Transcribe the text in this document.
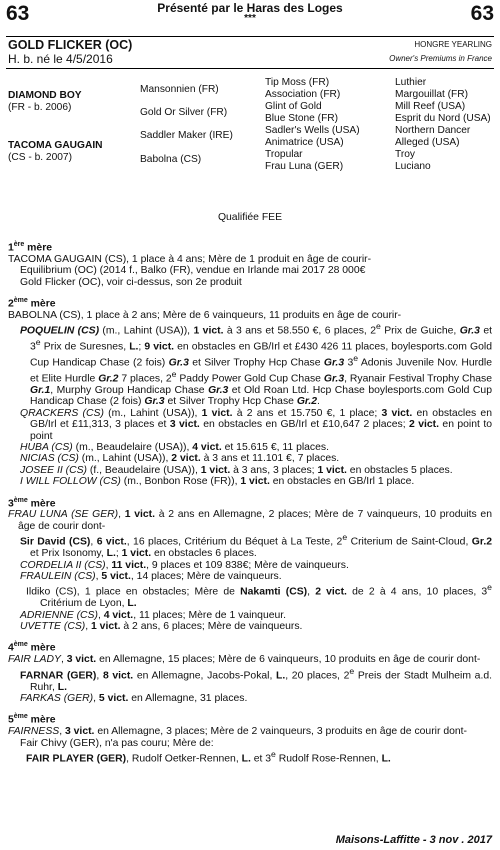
63	Présenté par le Haras des Loges
***	63
GOLD FLICKER (OC)
H. b. né le 4/5/2016
HONGRE YEARLING
Owner's Premiums in France
DIAMOND BOY
(FR - b. 2006)
TACOMA GAUGAIN
(CS - b. 2007)
Mansonnien (FR)
Gold Or Silver (FR)
Saddler Maker (IRE)
Babolna (CS)
Tip Moss (FR)
Association (FR)
Glint of Gold
Blue Stone (FR)
Sadler's Wells (USA)
Animatrice (USA)
Tropular
Frau Luna (GER)
Luthier
Margouillat (FR)
Mill Reef (USA)
Esprit du Nord (USA)
Northern Dancer
Alleged (USA)
Troy
Luciano
Qualifiée FEE
1ère mère

TACOMA GAUGAIN (CS), 1 place à 4 ans; Mère de 1 produit en âge de courir-

Equilibrium (OC) (2014 f., Balko (FR), vendue en Irlande mai 2017 28 000€

Gold Flicker (OC), voir ci-dessus, son 2e produit

2ème mère

BABOLNA (CS), 1 place à 2 ans; Mère de 6 vainqueurs, 11 produits en âge de courir-

POQUELIN (CS) (m., Lahint (USA)), 1 vict. à 3 ans et 58.550 €, 6 places, 2e Prix de Guiche, Gr.3 et 3e Prix de Suresnes, L.; 9 vict. en obstacles en GB/Irl et £430 426 11 places, boylesports.com Gold Cup Handicap Chase (2 fois) Gr.3 et Silver Trophy Hcp Chase Gr.3 3e Adonis Juvenile Nov. Hurdle et Elite Hurdle Gr.2 7 places, 2e Paddy Power Gold Cup Chase Gr.3, Ryanair Festival Trophy Chase Gr.1, Murphy Group Handicap Chase Gr.3 et Old Roan Ltd. Hcp Chase boylesports.com Gold Cup Handicap Chase (2 fois) Gr.3 et Silver Trophy Hcp Chase Gr.2.

QRACKERS (CS) (m., Lahint (USA)), 1 vict. à 2 ans et 15.750 €, 1 place; 3 vict. en obstacles en GB/Irl et £11,313, 3 places et 3 vict. en obstacles en GB/Irl et £10,647 2 places; 2 vict. en point to point

HUBA (CS) (m., Beaudelaire (USA)), 4 vict. et 15.615 €, 11 places.

NICIAS (CS) (m., Lahint (USA)), 2 vict. à 3 ans et 11.101 €, 7 places.

JOSEE II (CS) (f., Beaudelaire (USA)), 1 vict. à 3 ans, 3 places; 1 vict. en obstacles 5 places.

I WILL FOLLOW (CS) (m., Bonbon Rose (FR)), 1 vict. en obstacles en GB/Irl 1 place.

3ème mère

FRAU LUNA (SE GER), 1 vict. à 2 ans en Allemagne, 2 places; Mère de 7 vainqueurs, 10 produits en âge de courir dont-

Sir David (CS), 6 vict., 16 places, Critérium du Béquet à La Teste, 2e Criterium de Saint-Cloud, Gr.2 et Prix Isonomy, L.; 1 vict. en obstacles 6 places.

CORDELIA II (CS), 11 vict., 9 places et 109 838€; Mère de vainqueurs.

FRAULEIN (CS), 5 vict., 14 places; Mère de vainqueurs.

Ildiko (CS), 1 place en obstacles; Mère de Nakamti (CS), 2 vict. de 2 à 4 ans, 10 places, 3e Critérium de Lyon, L.

ADRIENNE (CS), 4 vict., 11 places; Mère de 1 vainqueur.

UVETTE (CS), 1 vict. à 2 ans, 6 places; Mère de vainqueurs.

4ème mère

FAIR LADY, 3 vict. en Allemagne, 15 places; Mère de 6 vainqueurs, 10 produits en âge de courir dont-

FARNAR (GER), 8 vict. en Allemagne, Jacobs-Pokal, L., 20 places, 2e Preis der Stadt Mulheim a.d. Ruhr, L.

FARKAS (GER), 5 vict. en Allemagne, 31 places.

5ème mère

FAIRNESS, 3 vict. en Allemagne, 3 places; Mère de 2 vainqueurs, 3 produits en âge de courir dont-

Fair Chivy (GER), n'a pas couru; Mère de:

FAIR PLAYER (GER), Rudolf Oetker-Rennen, L. et 3e Rudolf Rose-Rennen, L.

Maisons-Laffitte - 3 nov . 2017
